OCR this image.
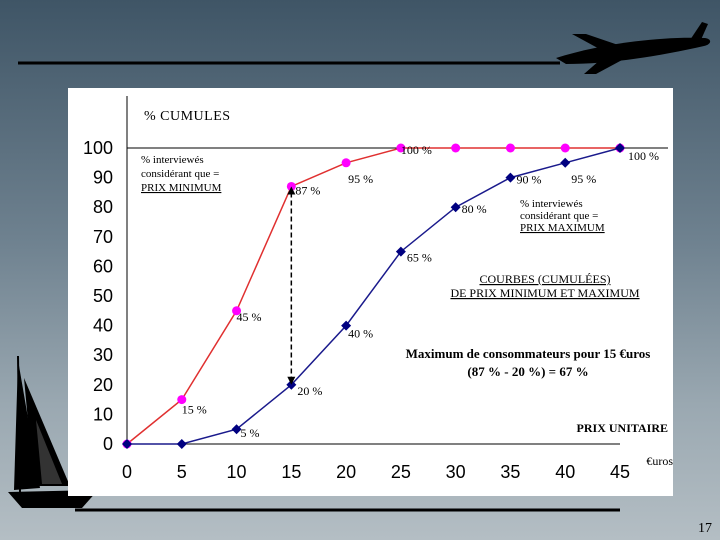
0
10
20
30
40
50
60
70
80
90
100
0 5 10 15 20 25 30 35 40 45
% CUMULES
PRIX UNITAIRE
€uros
15 %
45 %
87 %
95 %
100 %
5 %
20 %
40 %
65 %
80 %
90 % 95 %
100 %
% interviewés
considérant que =
PRIX MINIMUM
% interviewés
considérant que =
PRIX MAXIMUM
COURBES (CUMULÉES)
DE PRIX MINIMUM ET MAXIMUM
Maximum de consommateurs pour 15 €uros
(87 % - 20 %) = 67 %
17
